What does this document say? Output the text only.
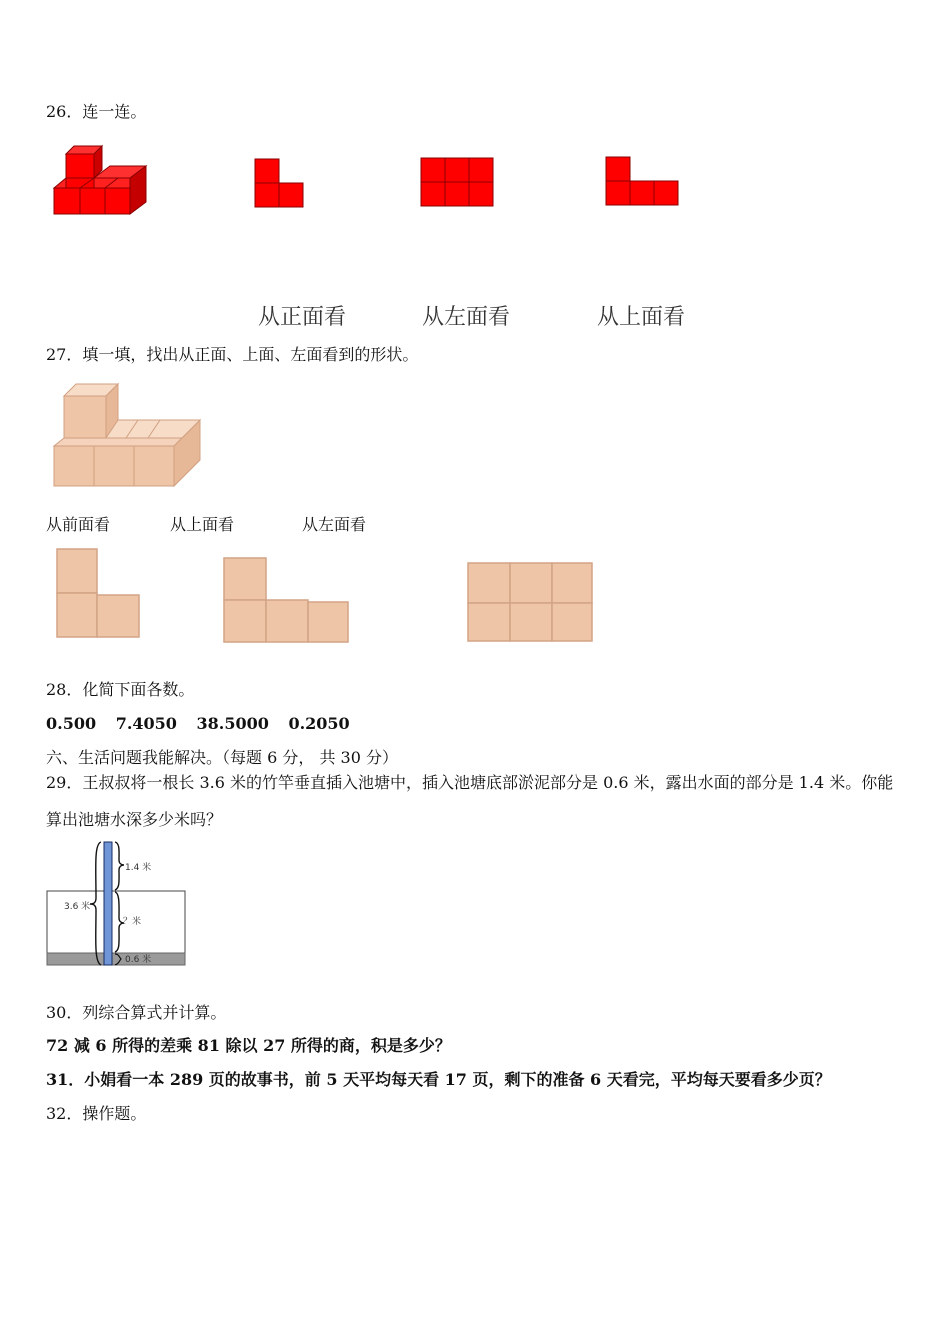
26．连一连。
从正面看	从左面看	从上面看
27．填一填，找出从正面、上面、左面看到的形状。
从前面看	从上面看	从左面看
28．化简下面各数。
0.500 7.4050 38.5000 0.2050
六、生活问题我能解决。（每题 6 分， 共 30 分）
29．王叔叔将一根长 3.6 米的竹竿垂直插入池塘中，插入池塘底部淤泥部分是 0.6 米，露出水面的部分是 1.4 米。你能
算出池塘水深多少米吗？
1.4 米
3.6 米
？米
0.6 米
30．列综合算式并计算。
72 减 6 所得的差乘 81 除以 27 所得的商，积是多少？
31．小娟看一本 289 页的故事书，前 5 天平均每天看 17 页，剩下的准备 6 天看完，平均每天要看多少页？
32．操作题。
